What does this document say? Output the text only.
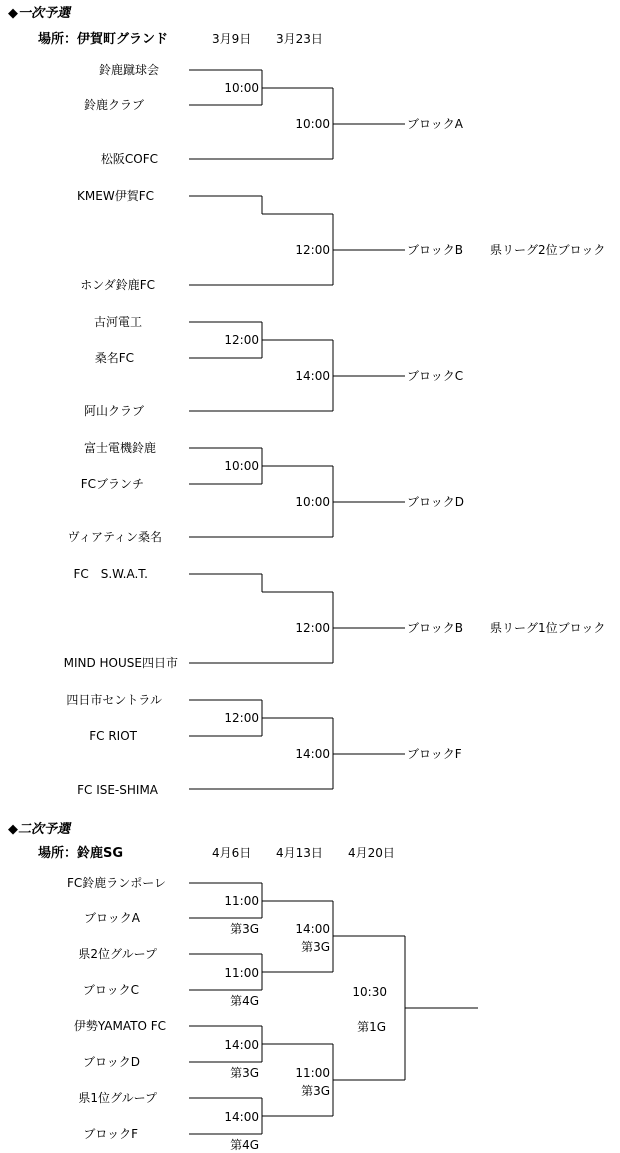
◆一次予選
場所：伊賀町グランド	3月9日 3月23日
鈴鹿蹴球会
鈴鹿クラブ
松阪COFC
10:00
10:00	ブロックA
KMEW伊賀FC
ホンダ鈴鹿FC
12:00	ブロックB 県リーグ2位ブロック
古河電工
桑名FC
阿山クラブ
12:00
14:00	ブロックC
富士電機鈴鹿
FCブランチ
ヴィアティン桑名
10:00
10:00	ブロックD
FC　S.W.A.T.
MIND HOUSE四日市
12:00	ブロックB 県リーグ1位ブロック
四日市セントラル
FC RIOT
FC ISE-SHIMA
12:00
14:00	ブロックF
◆二次予選
場所：鈴鹿SG	4月6日 4月13日 4月20日
FC鈴鹿ランポーレ
ブロックA
県2位グループ
ブロックC
伊勢YAMATO FC
ブロックD
県1位グループ
ブロックF
11:00
第3G
11:00
第4G
14:00
第3G
14:00
第4G
14:00
第3G
11:00
第3G
10:30
第1G
